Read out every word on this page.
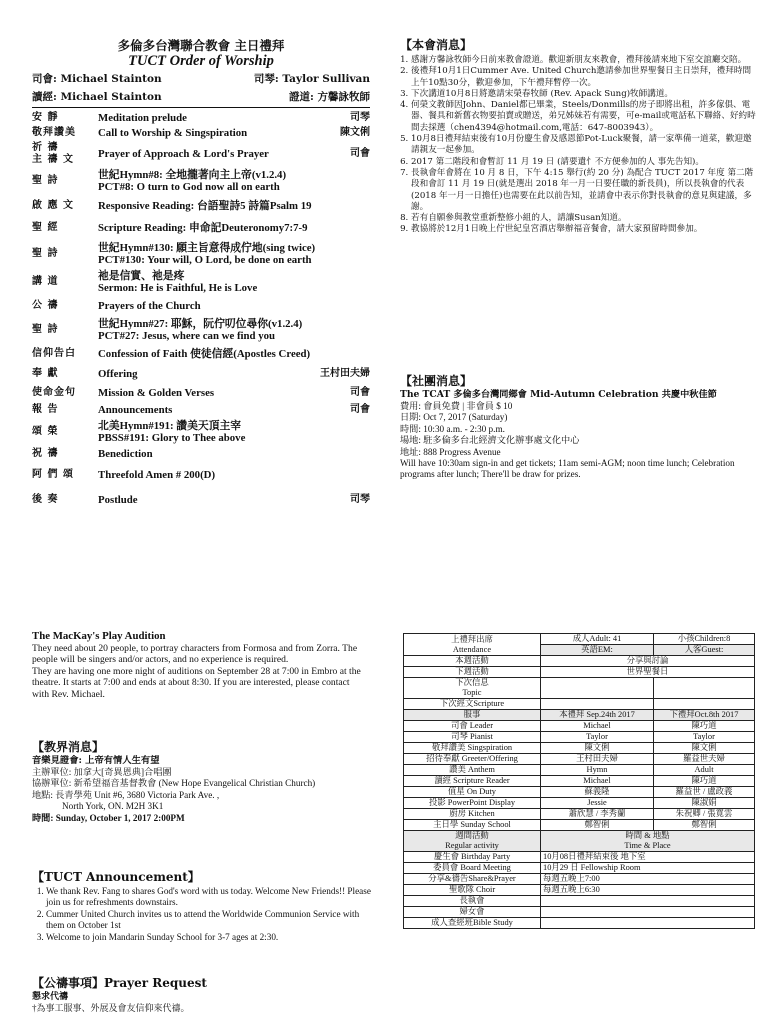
多倫多台灣聯合教會 主日禮拜
TUCT Order of Worship
司會: Michael Stainton	司琴: Taylor Sullivan
讀經: Michael Stainton	證道: 方馨詠牧師
安 靜	Meditation prelude	司琴
敬拜讚美	Call to Worship & Singspiration	陳文俐
祈 禱
主 禱 文	Prayer of Approach & Lord's Prayer	司會
聖 詩	世紀Hymn#8: 全地攏著向主上帝(v1.2.4)
PCT#8: O turn to God now all on earth
啟 應 文	Responsive Reading: 台語聖詩5 詩篇Psalm 19
聖 經	Scripture Reading: 申命記Deuteronomy7:7-9
聖 詩	世紀Hymn#130: 願主旨意得成佇地(sing twice)
PCT#130: Your will, O Lord, be done on earth
講 道	祂是信實、祂是疼
Sermon: He is Faithful, He is Love
公 禱	Prayers of the Church
聖 詩	世紀Hymn#27: 耶穌，阮佇叨位尋你(v1.2.4)
PCT#27: Jesus, where can we find you
信仰告白	Confession of Faith 使徒信經(Apostles Creed)
奉 獻	Offering	王村田夫婦
使命金句	Mission & Golden Verses	司會
報 告	Announcements	司會
頌 榮	北美Hymn#191: 讚美天頂主宰
PBSS#191: Glory to Thee above
祝 禱	Benediction
阿 們 頌	Threefold Amen # 200(D)
後 奏	Postlude	司琴
The MacKay's Play Audition
They need about 20 people, to portray characters from Formosa and from Zorra. The people will be singers and/or actors, and no experience is required.
They are having one more night of auditions on September 28 at 7:00 in Embro at the theatre. It starts at 7:00 and ends at about 8:30. If you are interested, please contact with Rev. Michael.
【教界消息】
音樂見證會: 上帝有情人生有望
主辦單位: 加拿大[奇異恩典]合唱團
協辦單位: 新希望福音基督教會 (New Hope Evangelical Christian Church)
地點: 長青學苑 Unit #6, 3680 Victoria Park Ave. ,
North York, ON. M2H 3K1
時間: Sunday, October 1, 2017 2:00PM
【TUCT Announcement】
1. We thank Rev. Fang to shares God's word with us today. Welcome New Friends!! Please join us for refreshments downstairs.
2. Cummer United Church invites us to attend the Worldwide Communion Service with them on October 1st
3. Welcome to join Mandarin Sunday School for 3-7 ages at 2:30.
【公禱事項】Prayer Request
懇求代禱
†為事工服事、外展及會友信仰來代禱。
【本會消息】
1. 感謝方馨詠牧師今日前來教會證道。歡迎新朋友來教會，禮拜後請來地下室交誼廳交陪。
2. 後禮拜10月1日Cummer Ave. United Church邀請參加世界聖餐日主日崇拜，禮拜時間上午10點30分，歡迎參加，下午禮拜暫停一次。
3. 下次講道10月8日將邀請宋榮春牧師 (Rev. Apack Sung)牧師講道。
4. 何榮文教師因John、Daniel都已畢業，Steels/Donmills的房子即將出租，許多傢俱、電器、餐具和新舊衣物要拍賣或贈送，弟兄姊妹若有需要，可e-mail或電話私下聯絡、好約時間去採選（chen4394@hotmail.com,電話：647-8003943）。
5. 10月8日禮拜結束後有10月份慶生會及感恩節Pot-Luck聚餐，請一家準備一道菜，歡迎邀請親友一起參加。
6. 2017 第二階段和會暫訂 11 月 19 日 (請要遺忄不方便參加的人 事先告知)。
7. 長執會年會將在 10 月 8 日，下午 4:15 舉行(約 20 分) 為配合 TUCT 2017 年度 第二階段和會訂 11 月 19 日(就是選出 2018 年一月一日要任職的新長員)，所以長執會的代表(2018 年一月一日擔任)也需要在此以前告知，並請會中表示你對長執會的意見與建議，多謝。
8. 若有自願參與教堂重新整修小組的人，請讓Susan知道。
9. 教協將於12月1日晚上佇世紀皇宮酒店舉辦福音餐會，請大家預留時間參加。
【社團消息】
The TCAT 多倫多台灣同鄉會 Mid-Autumn Celebration 共慶中秋佳節
費用: 會員免費 | 非會員 $ 10
日期: Oct 7, 2017 (Saturday)
時間: 10:30 a.m. - 2:30 p.m.
場地: 駐多倫多台北經濟文化辦事處文化中心
地址: 888 Progress Avenue
Will have 10:30am sign-in and get tickets; 11am semi-AGM; noon time lunch; Celebration programs after lunch; There'll be draw for prizes.
上禮拜出席
Attendance	成人Adult: 41	小孩Children:8
	英語EM:	人客Guest:
本週活動	分享與討論	
下週活動	世界聖餐日	
下次信息
Topic		
下次經文Scripture		
服事	本禮拜 Sep.24th 2017	下禮拜Oct.8th 2017
司會 Leader	Michael	陳巧道
司琴 Pianist	Taylor	Taylor
敬拜讚美 Singspiration	陳文俐	陳文俐
招待奉獻 Greeter/Offering	王村田夫婦	羅益世夫婦
讚美 Anthem	Hymn	Adult
讀經 Scripture Reader	Michael	陳巧道
值星 On Duty	蘇義隆	羅益世 / 盧政義
投影 PowerPoint Display	Jessie	陳淑娟
廚房 Kitchen	蕭欣慧 / 李秀蘭	朱祝卿 / 張寬雲
主日學 Sunday School	鄭智俐	鄭智俐
週間活動
Regular activity	時間 & 地點
Time & Place	
慶生會 Birthday Party	10月08日禮拜結束後 地下室	
委員會 Board Meeting	10月29 日 Fellowship Room	
分享&禱告Share&Prayer	每週五晚上7:00	
聖歌隊 Choir	每週五晚上6:30	
長執會		
婦女會		
成人查經班Bible Study		
